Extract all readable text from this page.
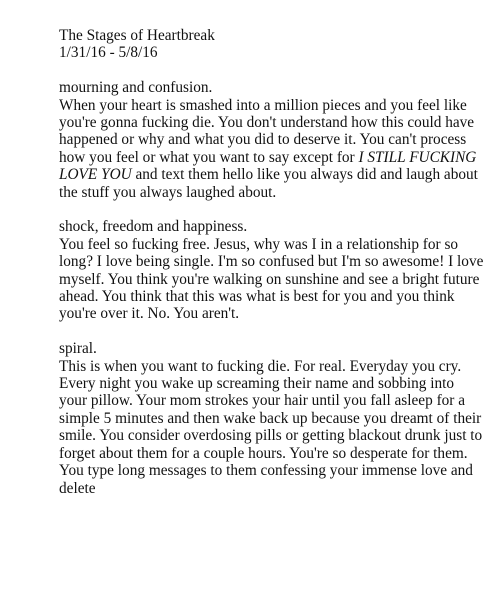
The Stages of Heartbreak
1/31/16 - 5/8/16
mourning and confusion.
When your heart is smashed into a million pieces and you feel like you're gonna fucking die. You don't understand how this could have happened or why and what you did to deserve it. You can't process how you feel or what you want to say except for I STILL FUCKING LOVE YOU and text them hello like you always did and laugh about the stuff you always laughed about.
shock, freedom and happiness.
You feel so fucking free. Jesus, why was I in a relationship for so long? I love being single. I'm so confused but I'm so awesome! I love myself. You think you're walking on sunshine and see a bright future ahead. You think that this was what is best for you and you think you're over it. No. You aren't.
spiral.
This is when you want to fucking die. For real. Everyday you cry. Every night you wake up screaming their name and sobbing into your pillow. Your mom strokes your hair until you fall asleep for a simple 5 minutes and then wake back up because you dreamt of their smile. You consider overdosing pills or getting blackout drunk just to forget about them for a couple hours. You're so desperate for them. You type long messages to them confessing your immense love and delete
